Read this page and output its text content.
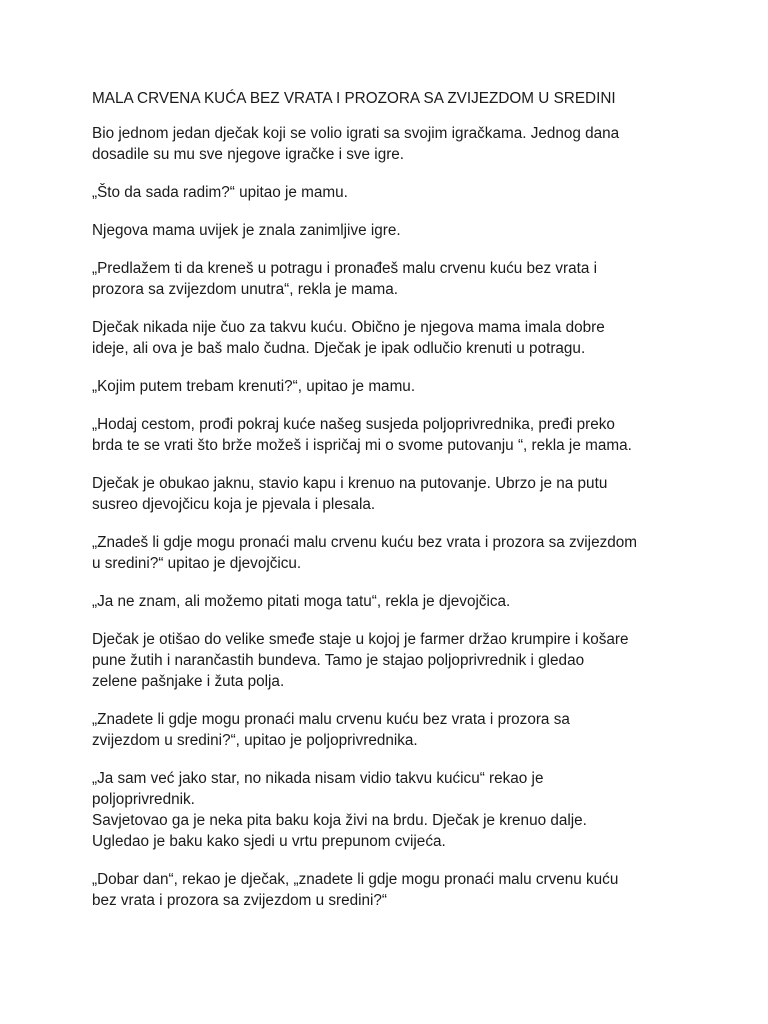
MALA CRVENA KUĆA BEZ VRATA I PROZORA SA ZVIJEZDOM U SREDINI
Bio jednom jedan dječak koji se volio igrati sa svojim igračkama. Jednog dana
dosadile su mu sve njegove igračke i sve igre.
„Što da sada radim?“ upitao je mamu.
Njegova mama uvijek je znala zanimljive igre.
„Predlažem ti da kreneš u potragu i pronađeš malu crvenu kuću bez vrata i
prozora sa zvijezdom unutra“, rekla je mama.
Dječak nikada nije čuo za takvu kuću. Obično je njegova mama imala dobre
ideje, ali ova je baš malo čudna. Dječak je ipak odlučio krenuti u potragu.
„Kojim putem trebam krenuti?“, upitao je mamu.
„Hodaj cestom, prođi pokraj kuće našeg susjeda poljoprivrednika, pređi preko
brda te se vrati što brže možeš i ispričaj mi o svome putovanju “, rekla je mama.
Dječak je obukao jaknu, stavio kapu i krenuo na putovanje. Ubrzo je na putu
susreo djevojčicu koja je pjevala i plesala.
„Znadeš li gdje mogu pronaći malu crvenu kuću bez vrata i prozora sa zvijezdom
u sredini?“ upitao je djevojčicu.
„Ja ne znam, ali možemo pitati moga tatu“, rekla je djevojčica.
Dječak je otišao do velike smeđe staje u kojoj je farmer držao krumpire i košare
pune žutih i narančastih bundeva. Tamo je stajao poljoprivrednik i gledao
zelene pašnjake i žuta polja.
„Znadete li gdje mogu pronaći malu crvenu kuću bez vrata i prozora sa
zvijezdom u sredini?“, upitao je poljoprivrednika.
„Ja sam već jako star, no nikada nisam vidio takvu kućicu“ rekao je
poljoprivrednik.
Savjetovao ga je neka pita baku koja živi na brdu. Dječak je krenuo dalje.
Ugledao je baku kako sjedi u vrtu prepunom cvijeća.
„Dobar dan“, rekao je dječak, „znadete li gdje mogu pronaći malu crvenu kuću
bez vrata i prozora sa zvijezdom u sredini?“
